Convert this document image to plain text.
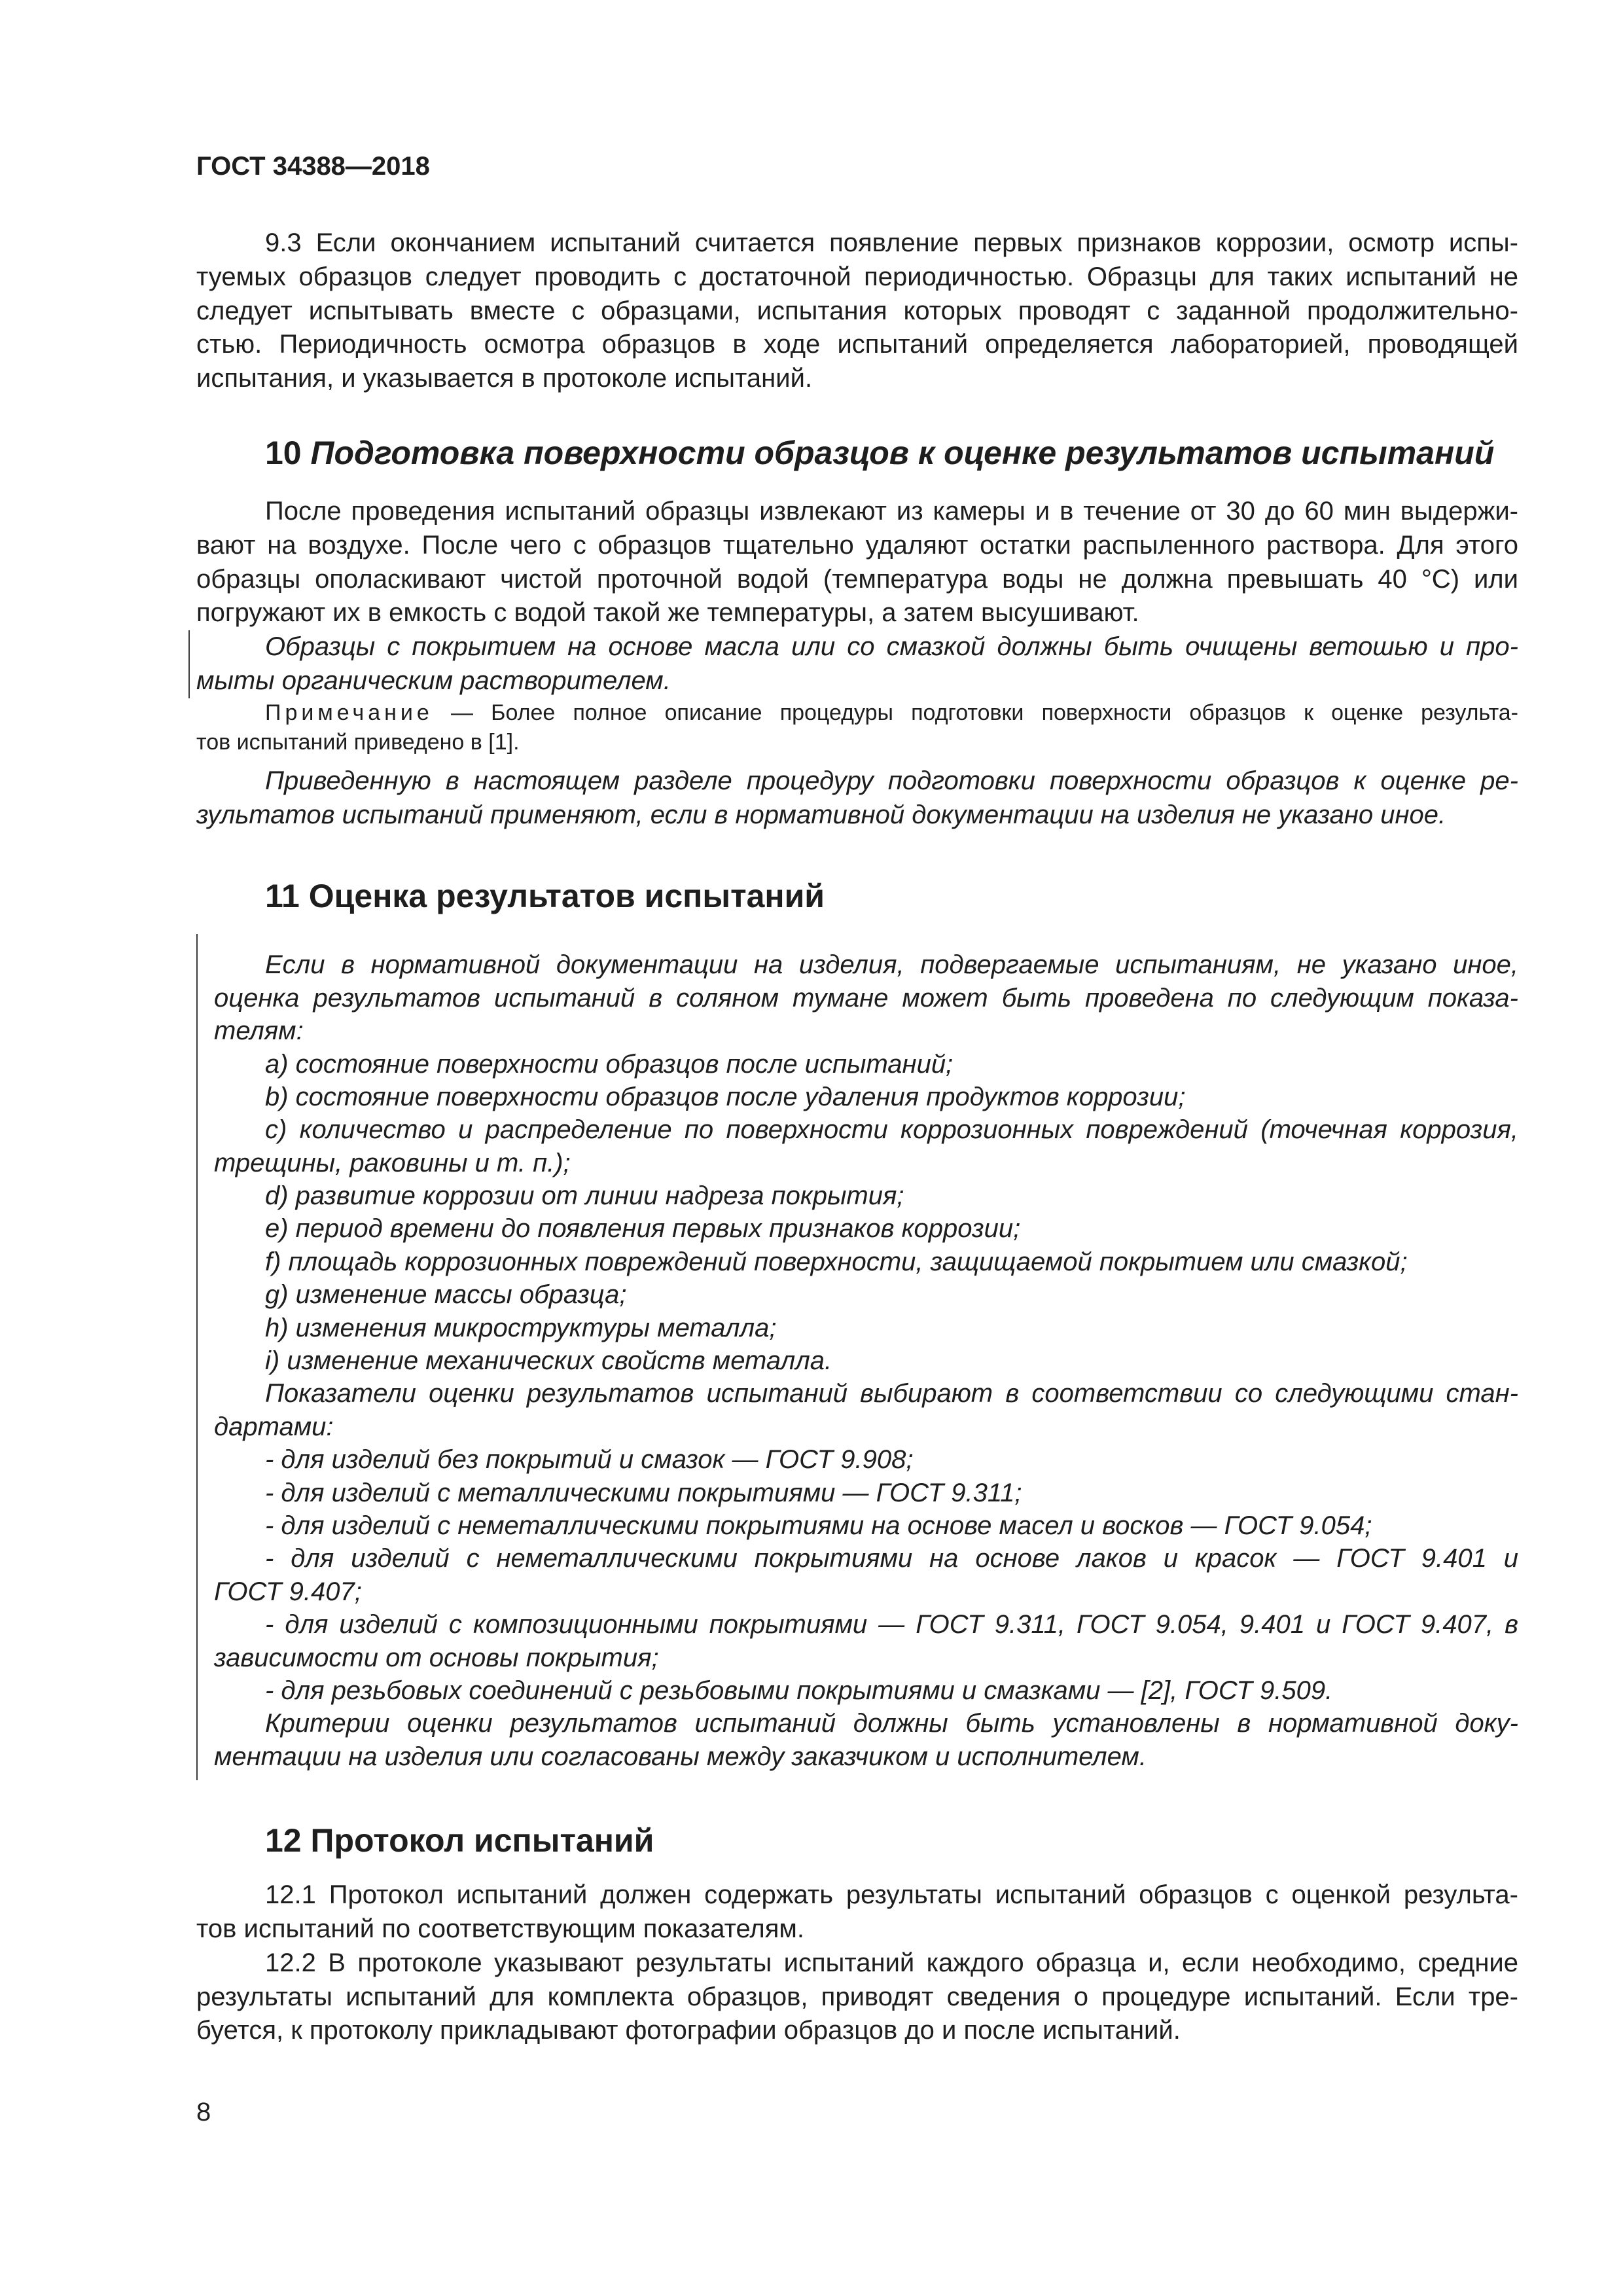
ГОСТ 34388—2018
9.3 Если окончанием испытаний считается появление первых признаков коррозии, осмотр испы-
туемых образцов следует проводить с достаточной периодичностью. Образцы для таких испытаний не
следует испытывать вместе с образцами, испытания которых проводят с заданной продолжительно-
стью. Периодичность осмотра образцов в ходе испытаний определяется лабораторией, проводящей
испытания, и указывается в протоколе испытаний.
10 Подготовка поверхности образцов к оценке результатов испытаний
После проведения испытаний образцы извлекают из камеры и в течение от 30 до 60 мин выдержи-
вают на воздухе. После чего с образцов тщательно удаляют остатки распыленного раствора. Для этого
образцы ополаскивают чистой проточной водой (температура воды не должна превышать 40 °С) или
погружают их в емкость с водой такой же температуры, а затем высушивают.
Образцы с покрытием на основе масла или со смазкой должны быть очищены ветошью и про-
мыты органическим растворителем.
Примечание — Более полное описание процедуры подготовки поверхности образцов к оценке результа-
тов испытаний приведено в [1].
Приведенную в настоящем разделе процедуру подготовки поверхности образцов к оценке ре-
зультатов испытаний применяют, если в нормативной документации на изделия не указано иное.
11 Оценка результатов испытаний
Если в нормативной документации на изделия, подвергаемые испытаниям, не указано иное,
оценка результатов испытаний в соляном тумане может быть проведена по следующим показа-
телям:
a) состояние поверхности образцов после испытаний;
b) состояние поверхности образцов после удаления продуктов коррозии;
c) количество и распределение по поверхности коррозионных повреждений (точечная коррозия,
трещины, раковины и т. п.);
d) развитие коррозии от линии надреза покрытия;
e) период времени до появления первых признаков коррозии;
f) площадь коррозионных повреждений поверхности, защищаемой покрытием или смазкой;
g) изменение массы образца;
h) изменения микроструктуры металла;
i) изменение механических свойств металла.
Показатели оценки результатов испытаний выбирают в соответствии со следующими стан-
дартами:
- для изделий без покрытий и смазок — ГОСТ 9.908;
- для изделий с металлическими покрытиями — ГОСТ 9.311;
- для изделий с неметаллическими покрытиями на основе масел и восков — ГОСТ 9.054;
- для изделий с неметаллическими покрытиями на основе лаков и красок — ГОСТ 9.401 и
ГОСТ 9.407;
- для изделий с композиционными покрытиями — ГОСТ 9.311, ГОСТ 9.054, 9.401 и ГОСТ 9.407, в
зависимости от основы покрытия;
- для резьбовых соединений с резьбовыми покрытиями и смазками — [2], ГОСТ 9.509.
Критерии оценки результатов испытаний должны быть установлены в нормативной доку-
ментации на изделия или согласованы между заказчиком и исполнителем.
12 Протокол испытаний
12.1 Протокол испытаний должен содержать результаты испытаний образцов с оценкой результа-
тов испытаний по соответствующим показателям.
12.2 В протоколе указывают результаты испытаний каждого образца и, если необходимо, средние
результаты испытаний для комплекта образцов, приводят сведения о процедуре испытаний. Если тре-
буется, к протоколу прикладывают фотографии образцов до и после испытаний.
8
